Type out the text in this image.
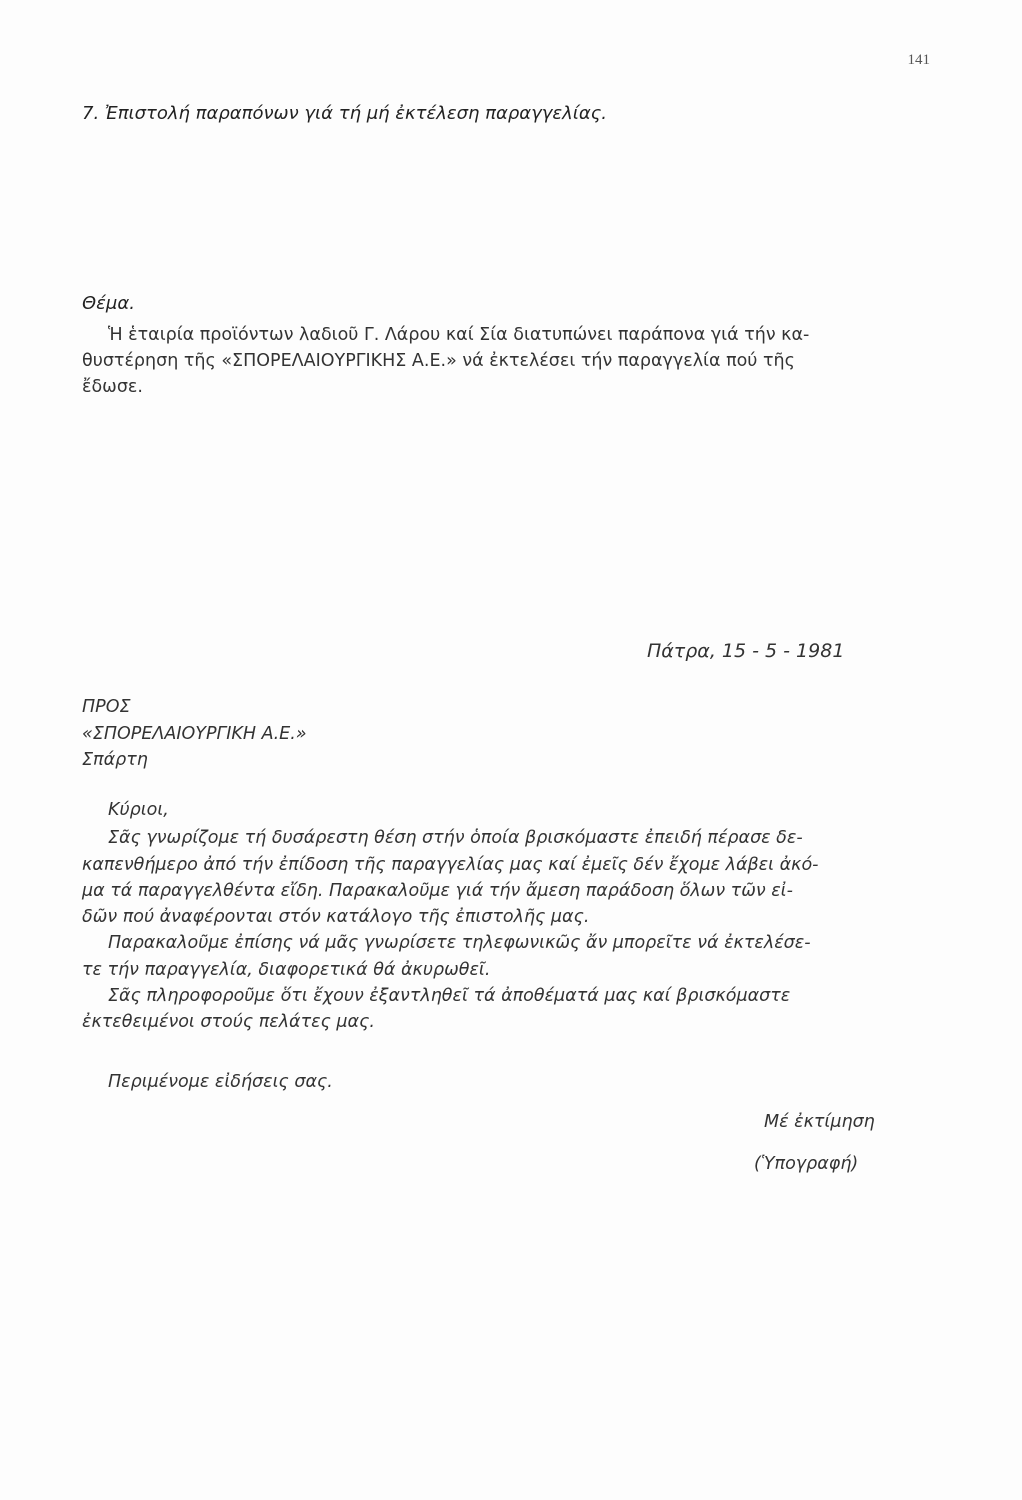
141
7. Ἐπιστολή παραπόνων γιά τή μή ἐκτέλεση παραγγελίας.
Θέμα.
Ἡ ἑταιρία προϊόντων λαδιοῦ Γ. Λάρου καί Σία διατυπώνει παράπονα γιά τήν κα-
θυστέρηση τῆς «ΣΠΟΡΕΛΑΙΟΥΡΓΙΚΗΣ Α.Ε.» νά ἐκτελέσει τήν παραγγελία πού τῆς
ἔδωσε.
Πάτρα, 15 - 5 - 1981
ΠΡΟΣ
«ΣΠΟΡΕΛΑΙΟΥΡΓΙΚΗ Α.Ε.»
Σπάρτη
Κύριοι,
Σᾶς γνωρίζομε τή δυσάρεστη θέση στήν ὁποία βρισκόμαστε ἐπειδή πέρασε δε-
καπενθήμερο ἀπό τήν ἐπίδοση τῆς παραγγελίας μας καί ἐμεῖς δέν ἔχομε λάβει ἀκό-
μα τά παραγγελθέντα εἴδη. Παρακαλοῦμε γιά τήν ἄμεση παράδοση ὅλων τῶν εἰ-
δῶν πού ἀναφέρονται στόν κατάλογο τῆς ἐπιστολῆς μας.
Παρακαλοῦμε ἐπίσης νά μᾶς γνωρίσετε τηλεφωνικῶς ἄν μπορεῖτε νά ἐκτελέσε-
τε τήν παραγγελία, διαφορετικά θά ἀκυρωθεῖ.
Σᾶς πληροφοροῦμε ὅτι ἔχουν ἐξαντληθεῖ τά ἀποθέματά μας καί βρισκόμαστε
ἐκτεθειμένοι στούς πελάτες μας.
Περιμένομε εἰδήσεις σας.
Μέ ἐκτίμηση
(Ὑπογραφή)
